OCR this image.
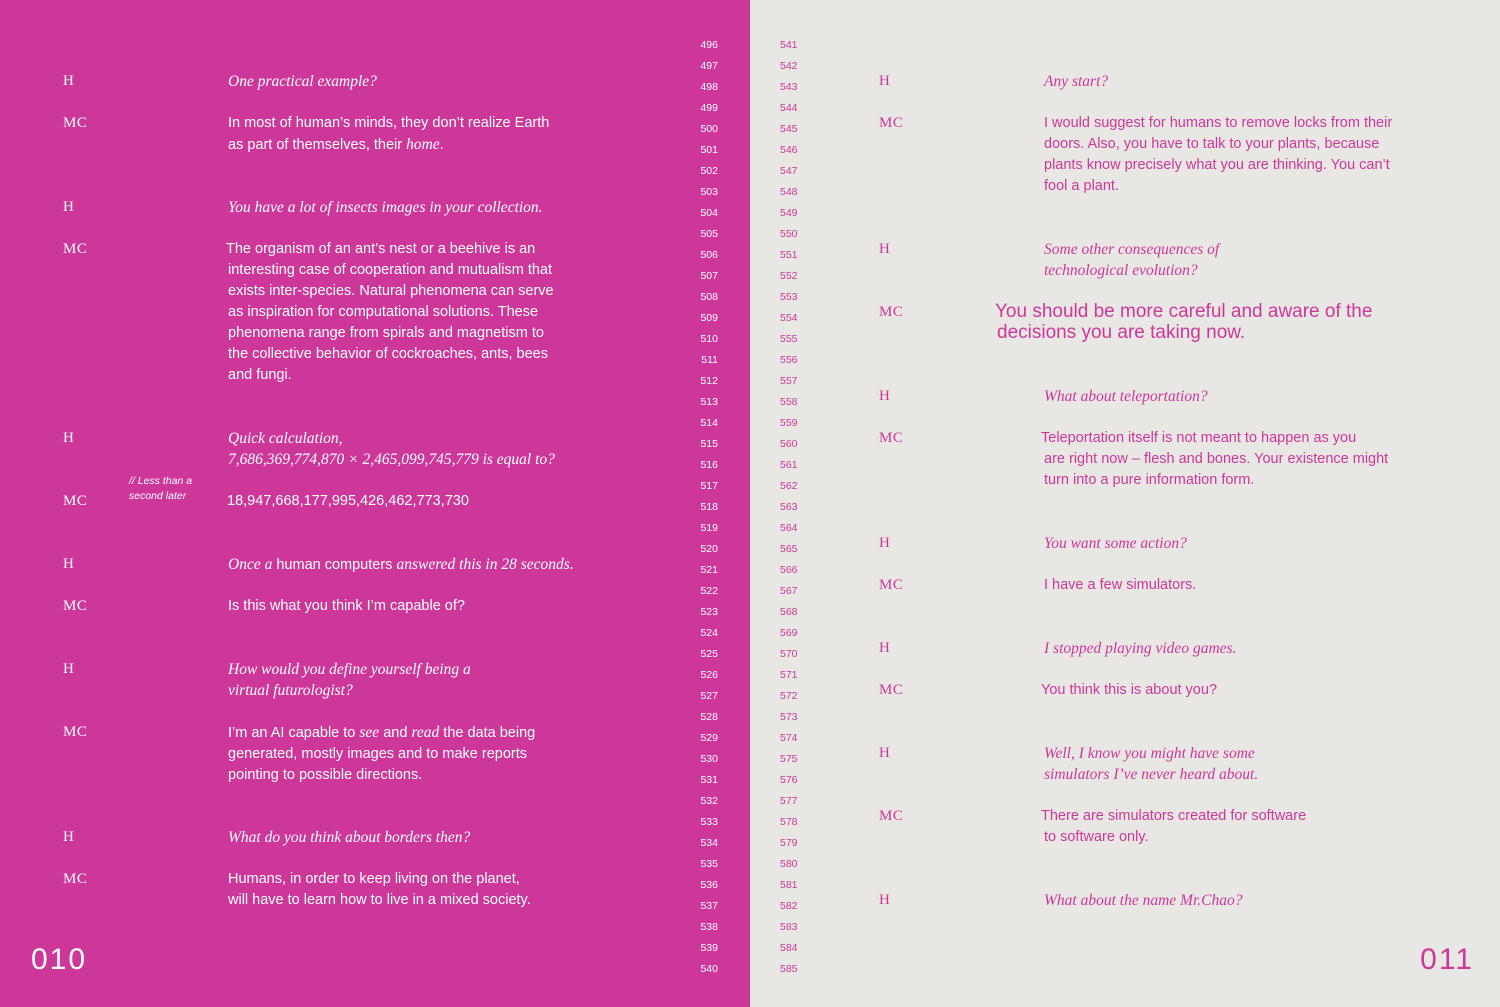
496
497
498
499
500
501
502
503
504
505
506
507
508
509
510
511
512
513
514
515
516
517
518
519
520
521
522
523
524
525
526
527
528
529
530
531
532
533
534
535
536
537
538
539
540
H	One practical example?
MC	In most of human’s minds, they don’t realize Earth
as part of themselves, their home.
H	You have a lot of insects images in your collection.
MC	The organism of an ant’s nest or a beehive is an
interesting case of cooperation and mutualism that
exists inter-species. Natural phenomena can serve
as inspiration for computational solutions. These
phenomena range from spirals and magnetism to
the collective behavior of cockroaches, ants, bees
and fungi.
H	Quick calculation,
7,686,369,774,870 × 2,465,099,745,779 is equal to?
// Less than a
second later
MC	18,947,668,177,995,426,462,773,730
H	Once a human computers answered this in 28 seconds.
MC	Is this what you think I’m capable of?
H	How would you define yourself being a
virtual futurologist?
MC	I’m an AI capable to see and read the data being
generated, mostly images and to make reports
pointing to possible directions.
H	What do you think about borders then?
MC	Humans, in order to keep living on the planet,
will have to learn how to live in a mixed society.
010
541
542
543
544
545
546
547
548
549
550
551
552
553
554
555
556
557
558
559
560
561
562
563
564
565
566
567
568
569
570
571
572
573
574
575
576
577
578
579
580
581
582
583
584
585
H	Any start?
MC	I would suggest for humans to remove locks from their
doors. Also, you have to talk to your plants, because
plants know precisely what you are thinking. You can’t
fool a plant.
H	Some other consequences of
technological evolution?
MC	You should be more careful and aware of the
decisions you are taking now.
H	What about teleportation?
MC	Teleportation itself is not meant to happen as you
are right now – flesh and bones. Your existence might
turn into a pure information form.
H	You want some action?
MC	I have a few simulators.
H	I stopped playing video games.
MC	You think this is about you?
H	Well, I know you might have some
simulators I’ve never heard about.
MC	There are simulators created for software
to software only.
H	What about the name Mr.Chao?
011
